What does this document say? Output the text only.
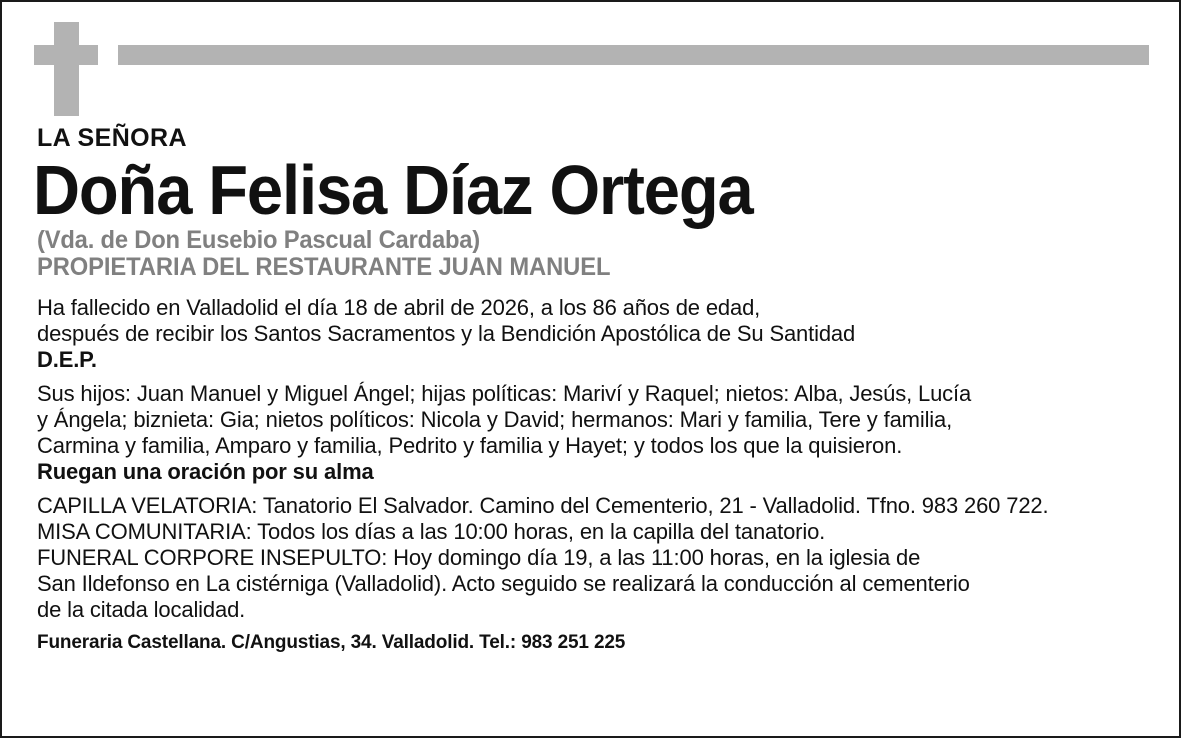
LA SEÑORA
Doña Felisa Díaz Ortega
(Vda. de Don Eusebio Pascual Cardaba)
PROPIETARIA DEL RESTAURANTE JUAN MANUEL
Ha fallecido en Valladolid el día 18 de abril de 2026, a los 86 años de edad,
después de recibir los Santos Sacramentos y la Bendición Apostólica de Su Santidad
D.E.P.
Sus hijos: Juan Manuel y Miguel Ángel; hijas políticas: Mariví y Raquel; nietos: Alba, Jesús, Lucía
y Ángela; biznieta: Gia; nietos políticos: Nicola y David; hermanos: Mari y familia, Tere y familia,
Carmina y familia, Amparo y familia, Pedrito y familia y Hayet; y todos los que la quisieron.
Ruegan una oración por su alma
CAPILLA VELATORIA: Tanatorio El Salvador. Camino del Cementerio, 21 - Valladolid. Tfno. 983 260 722.
MISA COMUNITARIA: Todos los días a las 10:00 horas, en la capilla del tanatorio.
FUNERAL CORPORE INSEPULTO: Hoy domingo día 19, a las 11:00 horas, en la iglesia de
San Ildefonso en La cistérniga (Valladolid). Acto seguido se realizará la conducción al cementerio
de la citada localidad.
Funeraria Castellana. C/Angustias, 34. Valladolid. Tel.: 983 251 225
